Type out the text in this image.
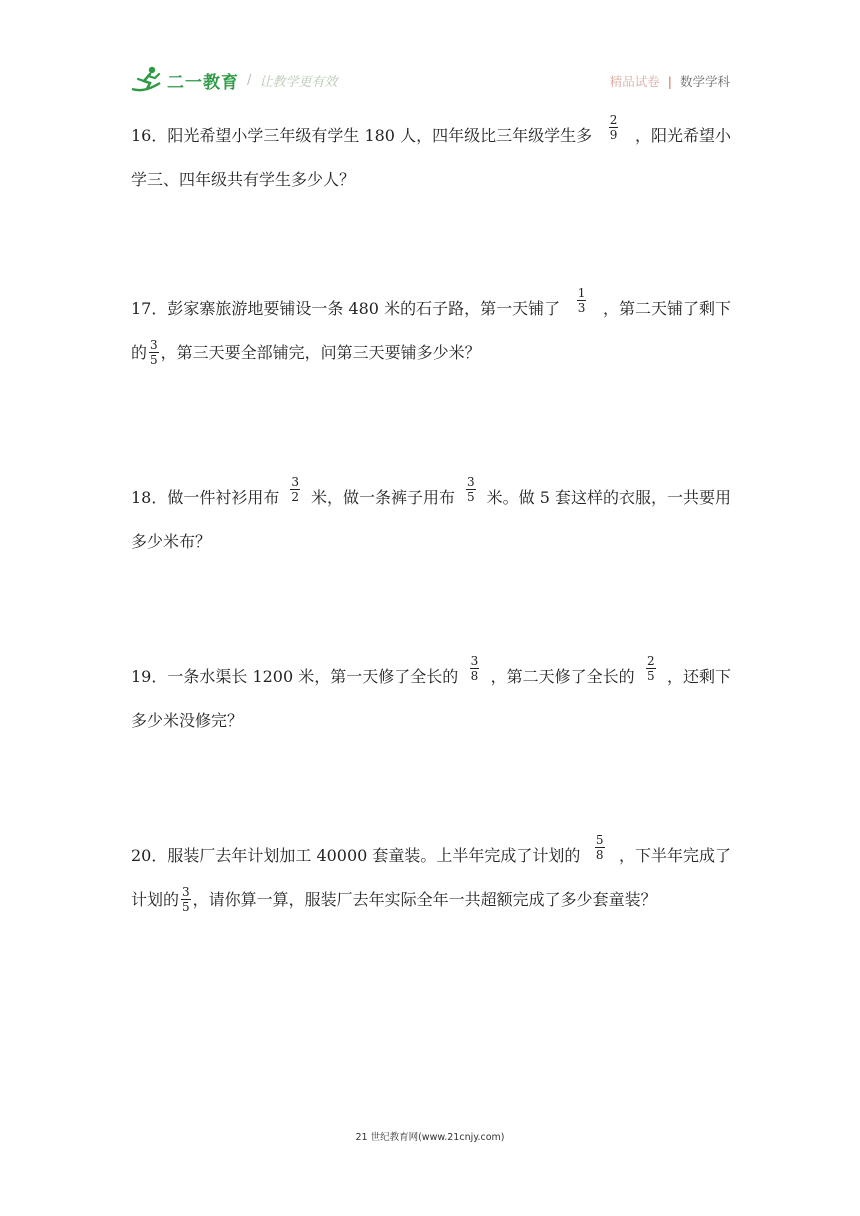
二一教育 / 让教学更有效	精品试卷 | 数学学科
16．阳光希望小学三年级有学生 180 人，四年级比三年级学生多 $\frac{2}{9}$ ，阳光希望小
学三、四年级共有学生多少人？
17．彭家寨旅游地要铺设一条 480 米的石子路，第一天铺了 $\frac{1}{3}$ ，第二天铺了剩下
的 $\frac{3}{5}$ ，第三天要全部铺完，问第三天要铺多少米？
18．做一件衬衫用布 $\frac{3}{2}$ 米，做一条裤子用布 $\frac{3}{5}$ 米。做 5 套这样的衣服，一共要用
多少米布？
19．一条水渠长 1200 米，第一天修了全长的 $\frac{3}{8}$ ，第二天修了全长的 $\frac{2}{5}$ ，还剩下
多少米没修完？
20．服装厂去年计划加工 40000 套童装。上半年完成了计划的 $\frac{5}{8}$ ，下半年完成了
计划的 $\frac{3}{5}$ ，请你算一算，服装厂去年实际全年一共超额完成了多少套童装？
21 世纪教育网(www.21cnjy.com)
